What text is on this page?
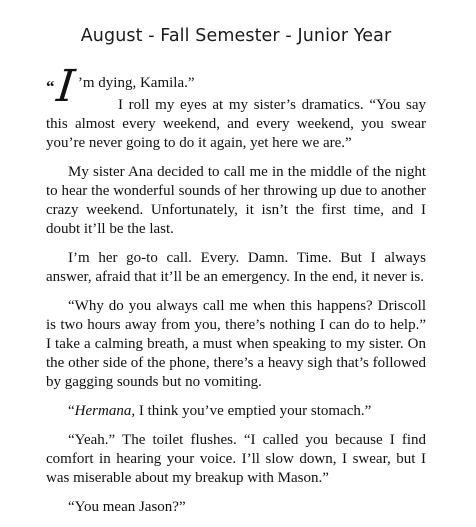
August - Fall Semester - Junior Year
“ I ’m dying, Kamila.”

I roll my eyes at my sister’s dramatics. “You say this almost every weekend, and every weekend, you swear you’re never going to do it again, yet here we are.”

My sister Ana decided to call me in the middle of the night to hear the wonderful sounds of her throwing up due to another crazy weekend. Unfortunately, it isn’t the first time, and I doubt it’ll be the last.

I’m her go-to call. Every. Damn. Time. But I always answer, afraid that it’ll be an emergency. In the end, it never is.

“Why do you always call me when this happens? Driscoll is two hours away from you, there’s nothing I can do to help.” I take a calming breath, a must when speaking to my sister. On the other side of the phone, there’s a heavy sigh that’s followed by gagging sounds but no vomiting.

“Hermana, I think you’ve emptied your stomach.”

“Yeah.” The toilet flushes. “I called you because I find comfort in hearing your voice. I’ll slow down, I swear, but I was miserable about my breakup with Mason.”

“You mean Jason?”
